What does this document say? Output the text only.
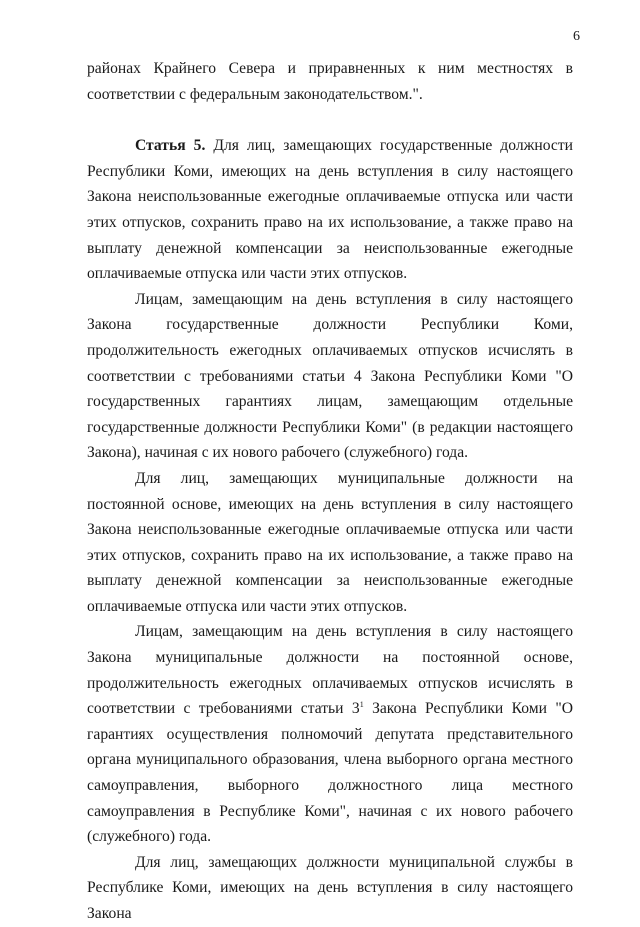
6

районах Крайнего Севера и приравненных к ним местностях в соответствии с федеральным законодательством.".

Статья 5. Для лиц, замещающих государственные должности Республики Коми, имеющих на день вступления в силу настоящего Закона неиспользованные ежегодные оплачиваемые отпуска или части этих отпусков, сохранить право на их использование, а также право на выплату денежной компенсации за неиспользованные ежегодные оплачиваемые отпуска или части этих отпусков.

Лицам, замещающим на день вступления в силу настоящего Закона государственные должности Республики Коми, продолжительность ежегодных оплачиваемых отпусков исчислять в соответствии с требованиями статьи 4 Закона Республики Коми "О государственных гарантиях лицам, замещающим отдельные государственные должности Республики Коми" (в редакции настоящего Закона), начиная с их нового рабочего (служебного) года.

Для лиц, замещающих муниципальные должности на постоянной основе, имеющих на день вступления в силу настоящего Закона неиспользованные ежегодные оплачиваемые отпуска или части этих отпусков, сохранить право на их использование, а также право на выплату денежной компенсации за неиспользованные ежегодные оплачиваемые отпуска или части этих отпусков.

Лицам, замещающим на день вступления в силу настоящего Закона муниципальные должности на постоянной основе, продолжительность ежегодных оплачиваемых отпусков исчислять в соответствии с требованиями статьи $3^1$ Закона Республики Коми "О гарантиях осуществления полномочий депутата представительного органа муниципального образования, члена выборного органа местного самоуправления, выборного должностного лица местного самоуправления в Республике Коми", начиная с их нового рабочего (служебного) года.

Для лиц, замещающих должности муниципальной службы в Республике Коми, имеющих на день вступления в силу настоящего Закона
